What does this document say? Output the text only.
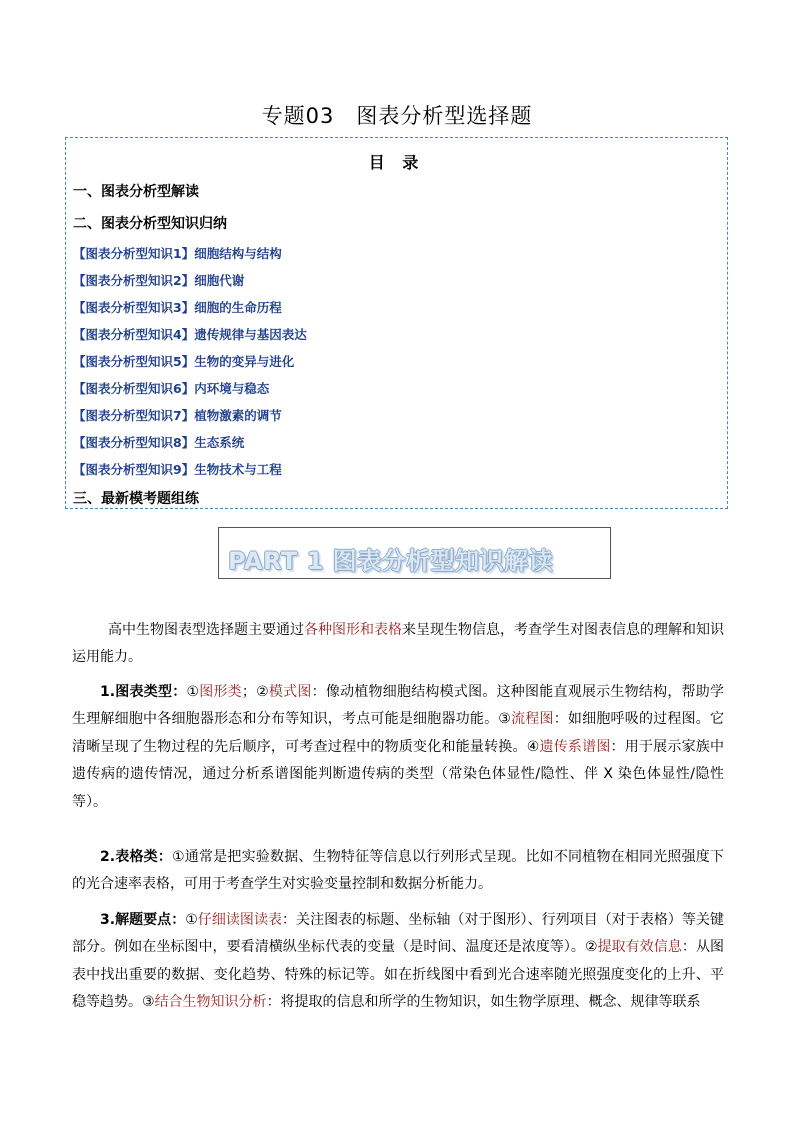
专题03　图表分析型选择题
目 录
一、图表分析型解读
二、图表分析型知识归纳
【图表分析型知识1】细胞结构与结构
【图表分析型知识2】细胞代谢
【图表分析型知识3】细胞的生命历程
【图表分析型知识4】遗传规律与基因表达
【图表分析型知识5】生物的变异与进化
【图表分析型知识6】内环境与稳态
【图表分析型知识7】植物激素的调节
【图表分析型知识8】生态系统
【图表分析型知识9】生物技术与工程
三、最新模考题组练
PART 1 图表分析型知识解读

高中生物图表型选择题主要通过各种图形和表格来呈现生物信息，考查学生对图表信息的理解和知识运用能力。

1.图表类型：①图形类；②模式图：像动植物细胞结构模式图。这种图能直观展示生物结构，帮助学生理解细胞中各细胞器形态和分布等知识，考点可能是细胞器功能。③流程图：如细胞呼吸的过程图。它清晰呈现了生物过程的先后顺序，可考查过程中的物质变化和能量转换。④遗传系谱图：用于展示家族中遗传病的遗传情况，通过分析系谱图能判断遗传病的类型（常染色体显性/隐性、伴 X 染色体显性/隐性等）。

2.表格类：①通常是把实验数据、生物特征等信息以行列形式呈现。比如不同植物在相同光照强度下的光合速率表格，可用于考查学生对实验变量控制和数据分析能力。

3.解题要点：①仔细读图读表：关注图表的标题、坐标轴（对于图形）、行列项目（对于表格）等关键部分。例如在坐标图中，要看清横纵坐标代表的变量（是时间、温度还是浓度等）。②提取有效信息：从图表中找出重要的数据、变化趋势、特殊的标记等。如在折线图中看到光合速率随光照强度变化的上升、平稳等趋势。③结合生物知识分析：将提取的信息和所学的生物知识，如生物学原理、概念、规律等联系
